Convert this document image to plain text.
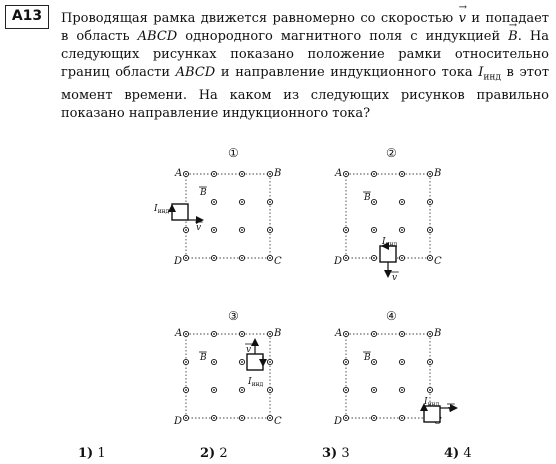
A13	Проводящая рамка движется равномерно со скоростью → v и попадает в область ABCD однородного магнитного поля с индукцией → B. На следующих рисунках показано положение рамки относительно границ области ABCD и направление индукционного тока $I_{инд}$ в этот момент времени. На каком из следующих рисунков правильно показано направление индукционного тока?

A	B
C
D
①
B
v
$I_{инд}$
A	B
C
D
②
B
v
$I_{инд}$
A	B
C
D
③
B
v
$I_{инд}$
A	B
D
④
B
v
$I_{инд}$
1) 1	2) 2	3) 3	4) 4
